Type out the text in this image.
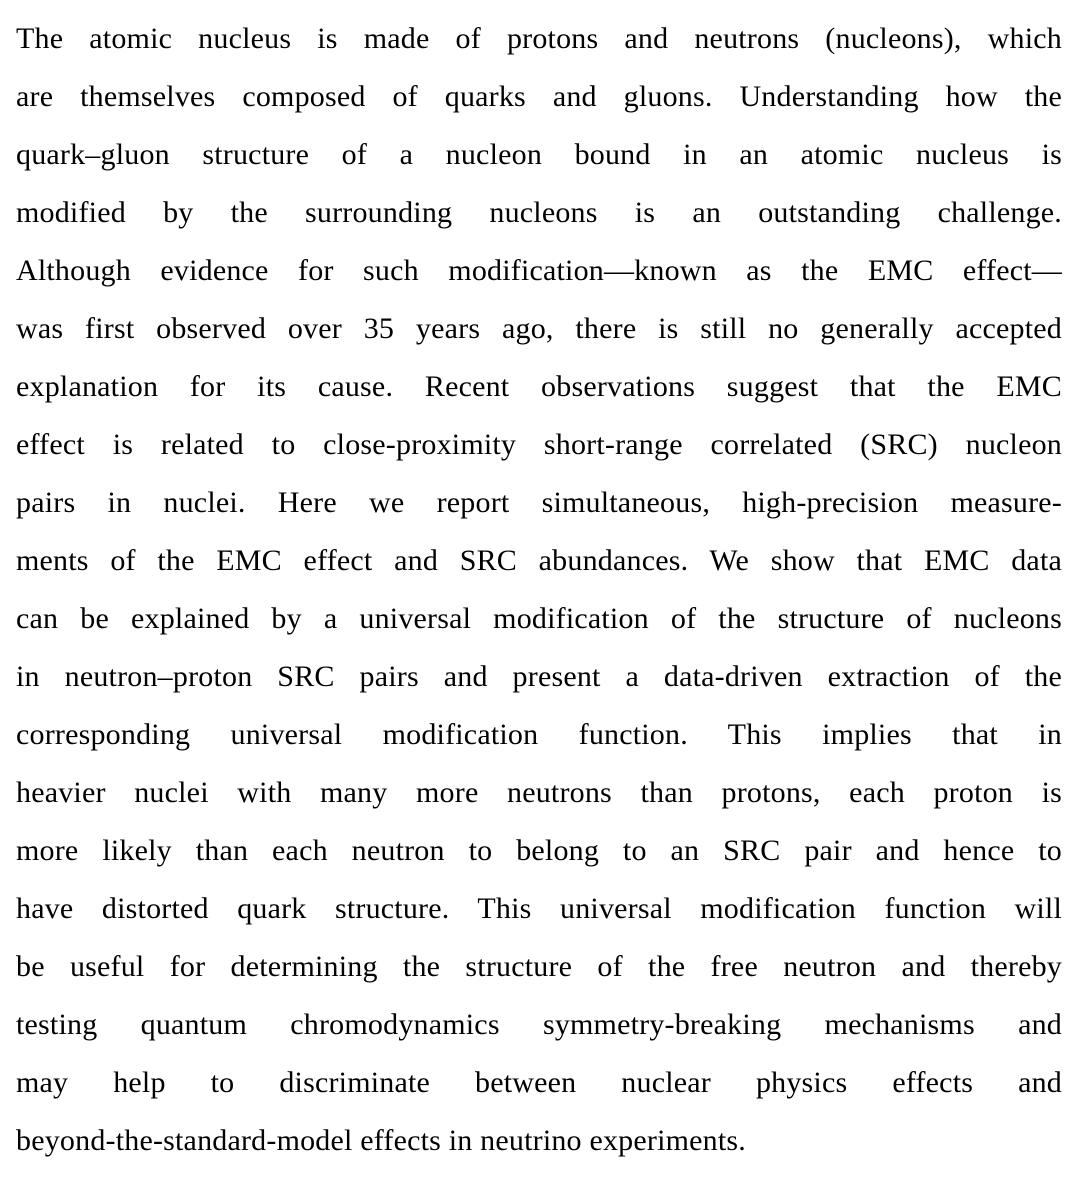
The atomic nucleus is made of protons and neutrons (nucleons), which
are themselves composed of quarks and gluons. Understanding how the
quark–gluon structure of a nucleon bound in an atomic nucleus is
modified by the surrounding nucleons is an outstanding challenge.
Although evidence for such modification—known as the EMC effect—
was first observed over 35 years ago, there is still no generally accepted
explanation for its cause. Recent observations suggest that the EMC
effect is related to close-proximity short-range correlated (SRC) nucleon
pairs in nuclei. Here we report simultaneous, high-precision measure-
ments of the EMC effect and SRC abundances. We show that EMC data
can be explained by a universal modification of the structure of nucleons
in neutron–proton SRC pairs and present a data-driven extraction of the
corresponding universal modification function. This implies that in
heavier nuclei with many more neutrons than protons, each proton is
more likely than each neutron to belong to an SRC pair and hence to
have distorted quark structure. This universal modification function will
be useful for determining the structure of the free neutron and thereby
testing quantum chromodynamics symmetry-breaking mechanisms and
may help to discriminate between nuclear physics effects and
beyond-the-standard-model effects in neutrino experiments.
